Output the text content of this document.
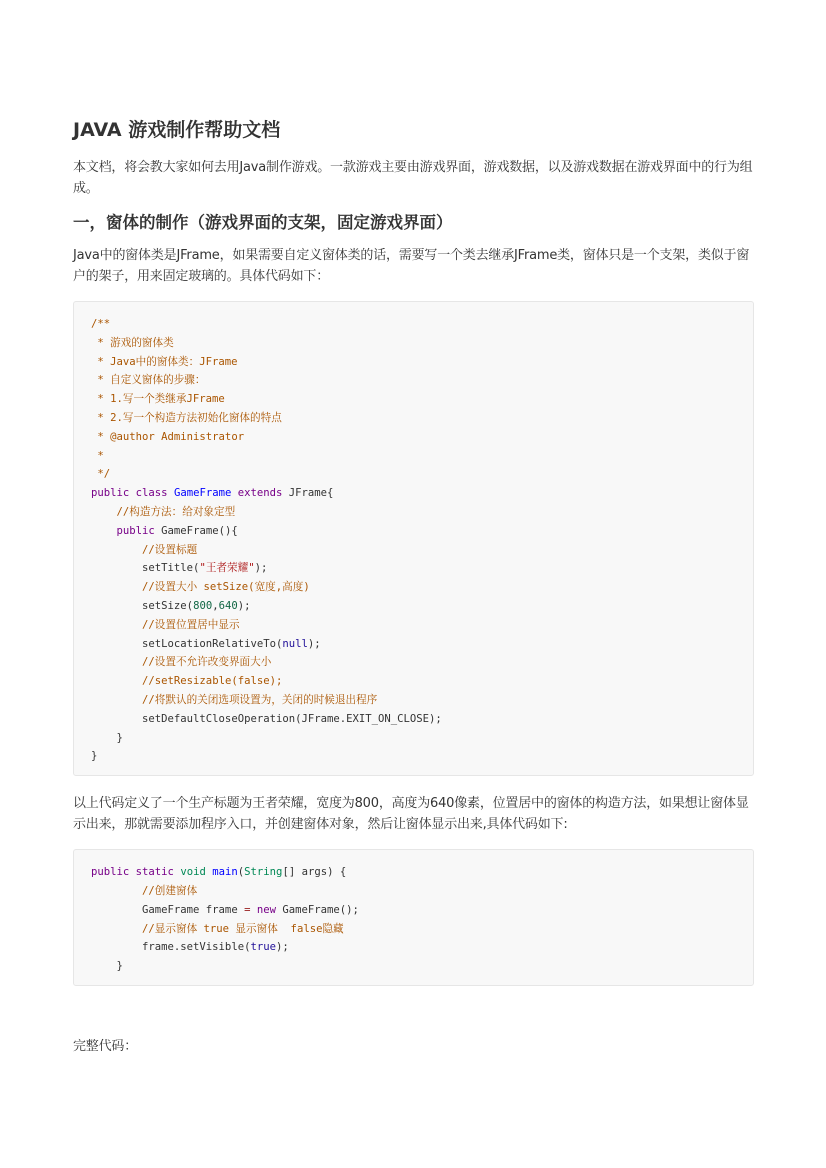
JAVA 游戏制作帮助文档

本文档，将会教大家如何去用Java制作游戏。一款游戏主要由游戏界面，游戏数据，以及游戏数据在游戏界面中的行为组成。

一，窗体的制作（游戏界面的支架，固定游戏界面）

Java中的窗体类是JFrame，如果需要自定义窗体类的话，需要写一个类去继承JFrame类，窗体只是一个支架，类似于窗户的架子，用来固定玻璃的。具体代码如下：

/**
* 游戏的窗体类
* Java中的窗体类：JFrame
* 自定义窗体的步骤：
* 1.写一个类继承JFrame
* 2.写一个构造方法初始化窗体的特点
* @author Administrator
*
*/
public class GameFrame extends JFrame{
//构造方法：给对象定型
public GameFrame(){
//设置标题
setTitle("王者荣耀");
//设置大小 setSize(宽度,高度)
setSize(800,640);
//设置位置居中显示
setLocationRelativeTo(null);
//设置不允许改变界面大小
//setResizable(false);
//将默认的关闭选项设置为，关闭的时候退出程序
setDefaultCloseOperation(JFrame.EXIT_ON_CLOSE);
}
}

以上代码定义了一个生产标题为王者荣耀，宽度为800，高度为640像素，位置居中的窗体的构造方法，如果想让窗体显示出来，那就需要添加程序入口，并创建窗体对象，然后让窗体显示出来,具体代码如下:

public static void main(String[] args) {
//创建窗体
GameFrame frame = new GameFrame();
//显示窗体 true 显示窗体  false隐藏
frame.setVisible(true);
}

完整代码：
